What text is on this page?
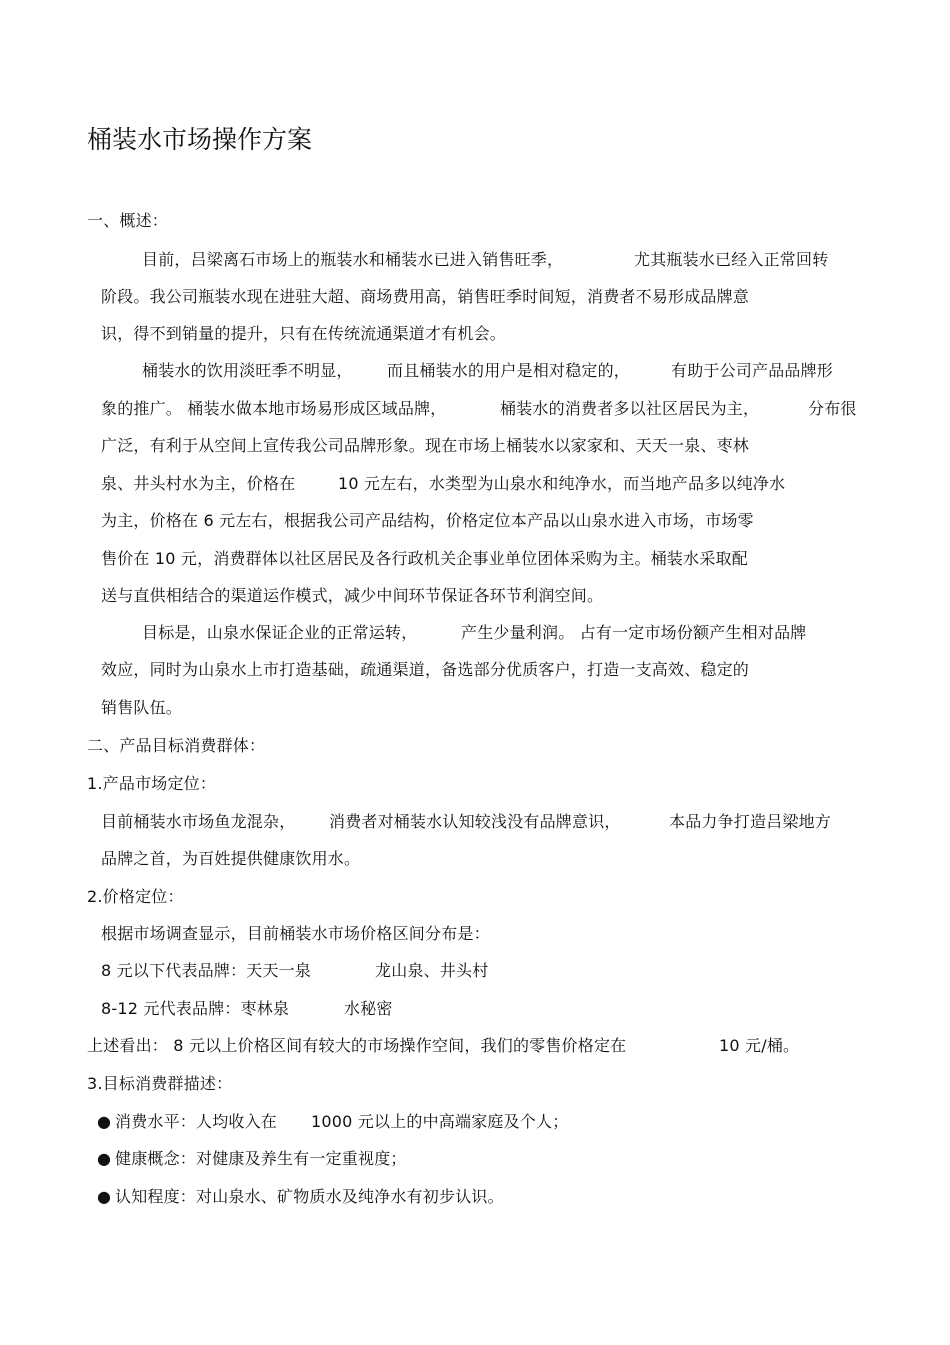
桶装水市场操作方案
一、概述：
目前，吕梁离石市场上的瓶装水和桶装水已进入销售旺季，	尤其瓶装水已经入正常回转
阶段。我公司瓶装水现在进驻大超、商场费用高，销售旺季时间短，消费者不易形成品牌意
识，得不到销量的提升，只有在传统流通渠道才有机会。
桶装水的饮用淡旺季不明显， 而且桶装水的用户是相对稳定的，	有助于公司产品品牌形
象的推广。 桶装水做本地市场易形成区域品牌，	桶装水的消费者多以社区居民为主，	分布很
广泛，有利于从空间上宣传我公司品牌形象。现在市场上桶装水以家家和、天天一泉、枣林
泉、井头村水为主，价格在	10 元左右，水类型为山泉水和纯净水，而当地产品多以纯净水
为主，价格在 6 元左右，根据我公司产品结构，价格定位本产品以山泉水进入市场，市场零
售价在 10 元，消费群体以社区居民及各行政机关企事业单位团体采购为主。桶装水采取配
送与直供相结合的渠道运作模式，减少中间环节保证各环节利润空间。
目标是，山泉水保证企业的正常运转，	产生少量利润。 占有一定市场份额产生相对品牌
效应，同时为山泉水上市打造基础，疏通渠道，备选部分优质客户，打造一支高效、稳定的
销售队伍。
二、产品目标消费群体：
1.产品市场定位：
目前桶装水市场鱼龙混杂， 消费者对桶装水认知较浅没有品牌意识，	本品力争打造吕梁地方
品牌之首，为百姓提供健康饮用水。
2.价格定位：
根据市场调查显示，目前桶装水市场价格区间分布是：
8 元以下代表品牌：天天一泉	龙山泉、井头村
8-12 元代表品牌：枣林泉	水秘密
上述看出： 8 元以上价格区间有较大的市场操作空间，我们的零售价格定在	10 元/桶。
3.目标消费群描述：
● 消费水平：人均收入在 1000 元以上的中高端家庭及个人；
● 健康概念：对健康及养生有一定重视度；
● 认知程度：对山泉水、矿物质水及纯净水有初步认识。
